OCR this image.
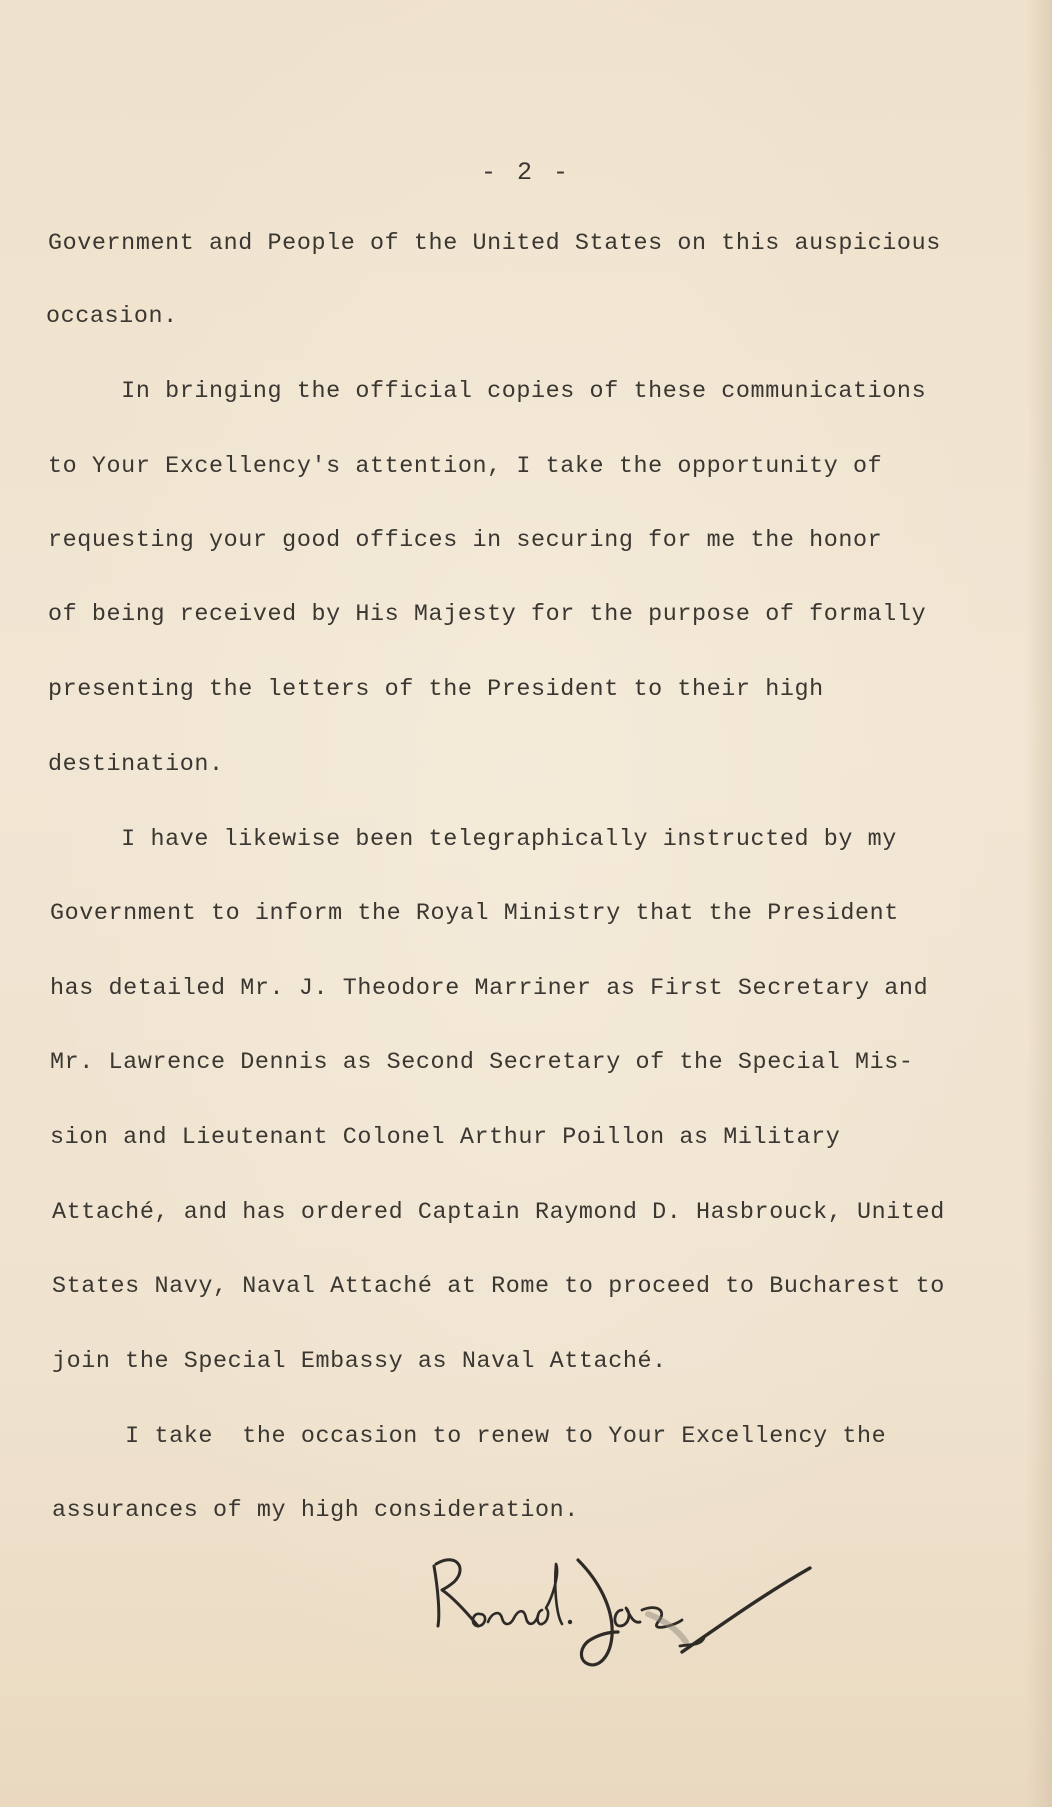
- 2 -
Government and People of the United States on this auspicious
occasion.
In bringing the official copies of these communications
to Your Excellency's attention, I take the opportunity of
requesting your good offices in securing for me the honor
of being received by His Majesty for the purpose of formally
presenting the letters of the President to their high
destination.
I have likewise been telegraphically instructed by my
Government to inform the Royal Ministry that the President
has detailed Mr. J. Theodore Marriner as First Secretary and
Mr. Lawrence Dennis as Second Secretary of the Special Mis-
sion and Lieutenant Colonel Arthur Poillon as Military
Attaché, and has ordered Captain Raymond D. Hasbrouck, United
States Navy, Naval Attaché at Rome to proceed to Bucharest to
join the Special Embassy as Naval Attaché.
I take  the occasion to renew to Your Excellency the
assurances of my high consideration.
